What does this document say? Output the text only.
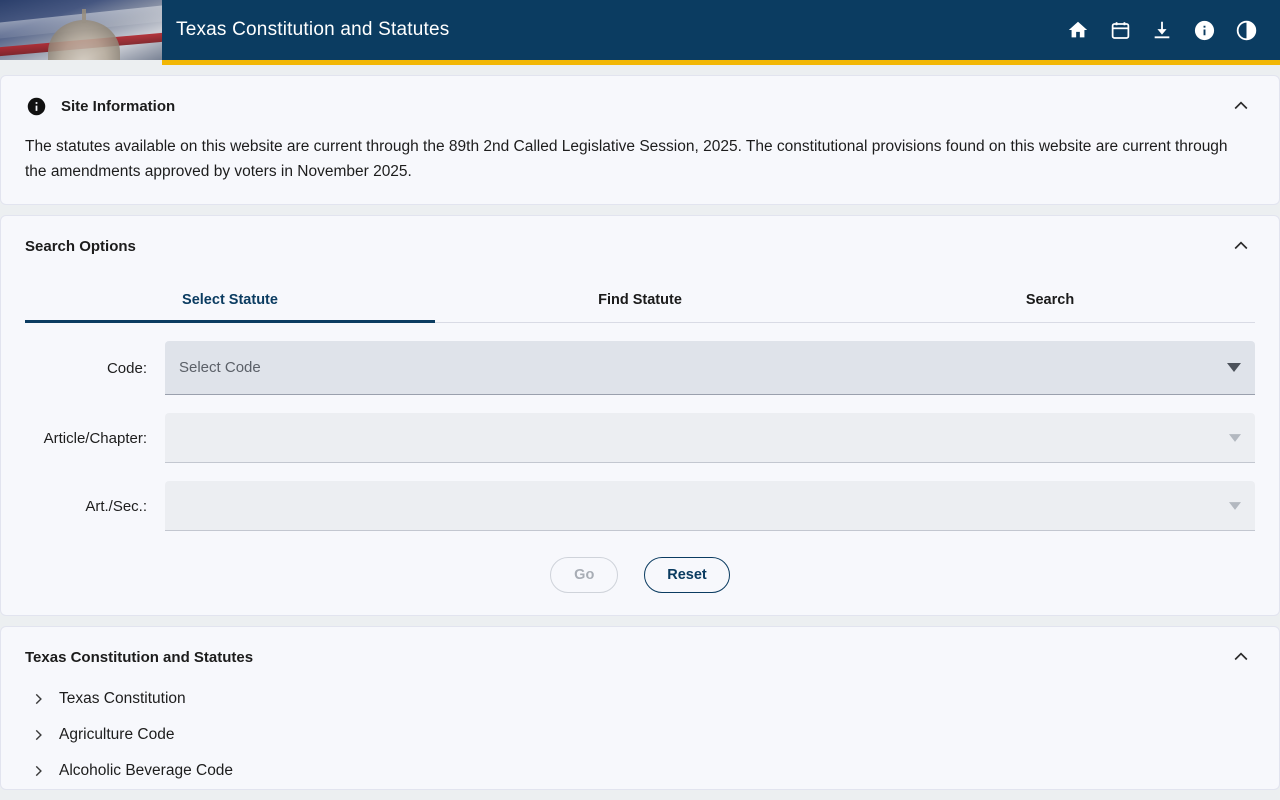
Texas Constitution and Statutes
Site Information
The statutes available on this website are current through the 89th 2nd Called Legislative Session, 2025. The constitutional provisions found on this website are current through the amendments approved by voters in November 2025.
Search Options
Select Statute	Find Statute	Search
Code:	Select Code
Article/Chapter:
Art./Sec.:
Go	Reset
Texas Constitution and Statutes
Texas Constitution
Agriculture Code
Alcoholic Beverage Code
